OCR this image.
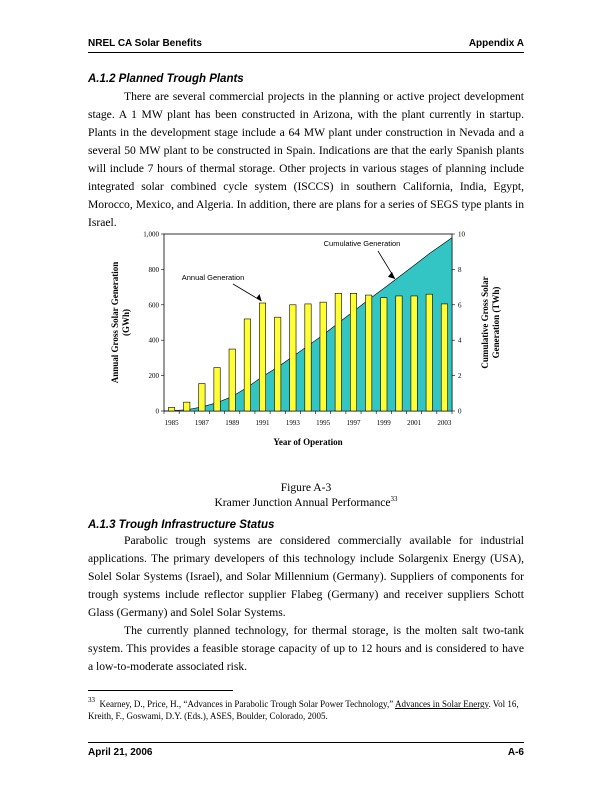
NREL CA Solar Benefits	Appendix A
A.1.2 Planned Trough Plants

There are several commercial projects in the planning or active project development stage. A 1 MW plant has been constructed in Arizona, with the plant currently in startup. Plants in the development stage include a 64 MW plant under construction in Nevada and a several 50 MW plant to be constructed in Spain. Indications are that the early Spanish plants will include 7 hours of thermal storage. Other projects in various stages of planning include integrated solar combined cycle system (ISCCS) in southern California, India, Egypt, Morocco, Mexico, and Algeria. In addition, there are plans for a series of SEGS type plants in Israel.

0
200
400
600
800
1,000
0
2
4
6
8
10
1985 1987 1989 1991 1993 1995 1997 1999 2001 2003
Year of Operation
Annual Gross Solar Generation (GWh)	Cumulative Gross Solar Generation (TWh)
Annual Generation
Cumulative Generation
Figure A-3
Kramer Junction Annual Performance$^{33}$
A.1.3 Trough Infrastructure Status

Parabolic trough systems are considered commercially available for industrial applications. The primary developers of this technology include Solargenix Energy (USA), Solel Solar Systems (Israel), and Solar Millennium (Germany). Suppliers of components for trough systems include reflector supplier Flabeg (Germany) and receiver suppliers Schott Glass (Germany) and Solel Solar Systems.

The currently planned technology, for thermal storage, is the molten salt two-tank system. This provides a feasible storage capacity of up to 12 hours and is considered to have a low-to-moderate associated risk.

$^{33}$ Kearney, D., Price, H., “Advances in Parabolic Trough Solar Power Technology,” Advances in Solar Energy. Vol 16, Kreith, F., Goswami, D.Y. (Eds.), ASES, Boulder, Colorado, 2005.
April 21, 2006	A-6
